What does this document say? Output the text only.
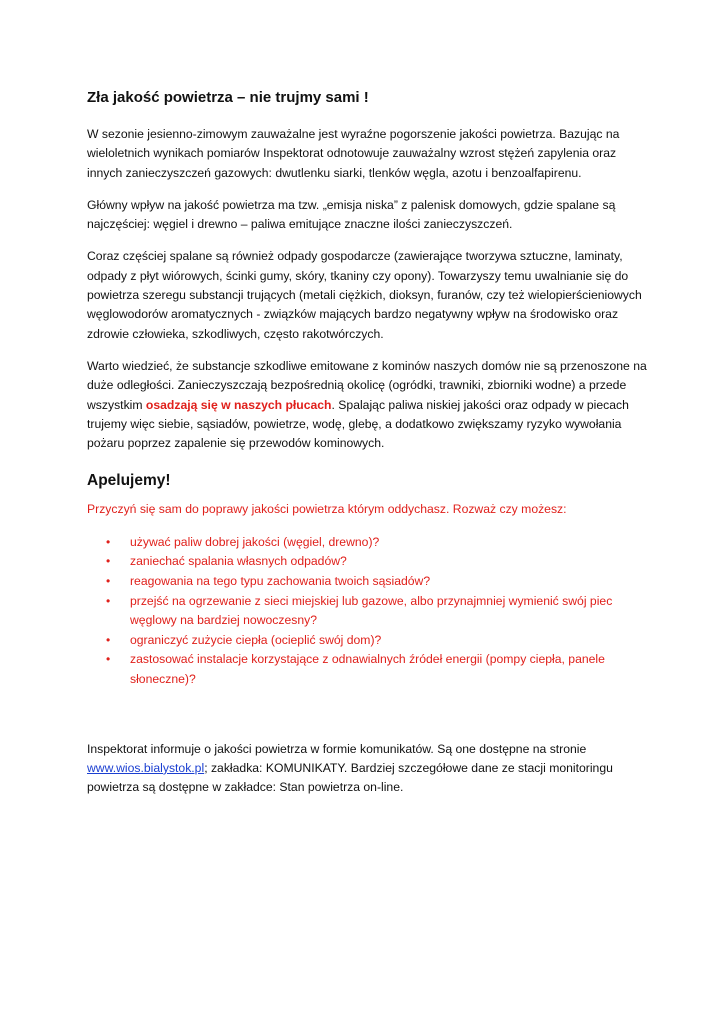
Zła jakość powietrza – nie trujmy sami !

W sezonie jesienno-zimowym zauważalne jest wyraźne pogorszenie jakości powietrza. Bazując na wieloletnich wynikach pomiarów Inspektorat odnotowuje zauważalny wzrost stężeń zapylenia oraz innych zanieczyszczeń gazowych: dwutlenku siarki, tlenków węgla, azotu i benzoalfapirenu.

Główny wpływ na jakość powietrza ma tzw. „emisja niska” z palenisk domowych, gdzie spalane są najczęściej: węgiel i drewno – paliwa emitujące znaczne ilości zanieczyszczeń.

Coraz częściej spalane są również odpady gospodarcze (zawierające tworzywa sztuczne, laminaty, odpady z płyt wiórowych, ścinki gumy, skóry, tkaniny czy opony). Towarzyszy temu uwalnianie się do powietrza szeregu substancji trujących (metali ciężkich, dioksyn, furanów, czy też wielopierścieniowych węglowodorów aromatycznych - związków mających bardzo negatywny wpływ na środowisko oraz zdrowie człowieka, szkodliwych, często rakotwórczych.

Warto wiedzieć, że substancje szkodliwe emitowane z kominów naszych domów nie są przenoszone na duże odległości. Zanieczyszczają bezpośrednią okolicę (ogródki, trawniki, zbiorniki wodne) a przede wszystkim osadzają się w naszych płucach. Spalając paliwa niskiej jakości oraz odpady w piecach trujemy więc siebie, sąsiadów, powietrze, wodę, glebę, a dodatkowo zwiększamy ryzyko wywołania pożaru poprzez zapalenie się przewodów kominowych.

Apelujemy!

Przyczyń się sam do poprawy jakości powietrza którym oddychasz. Rozważ czy możesz:

• używać paliw dobrej jakości (węgiel, drewno)?
• zaniechać spalania własnych odpadów?
• reagowania na tego typu zachowania twoich sąsiadów?
• przejść na ogrzewanie z sieci miejskiej lub gazowe, albo przynajmniej wymienić swój piec węglowy na bardziej nowoczesny?
• ograniczyć zużycie ciepła (ocieplić swój dom)?
• zastosować instalacje korzystające z odnawialnych źródeł energii (pompy ciepła, panele słoneczne)?

Inspektorat informuje o jakości powietrza w formie komunikatów. Są one dostępne na stronie www.wios.bialystok.pl; zakładka: KOMUNIKATY. Bardziej szczegółowe dane ze stacji monitoringu powietrza są dostępne w zakładce: Stan powietrza on-line.
